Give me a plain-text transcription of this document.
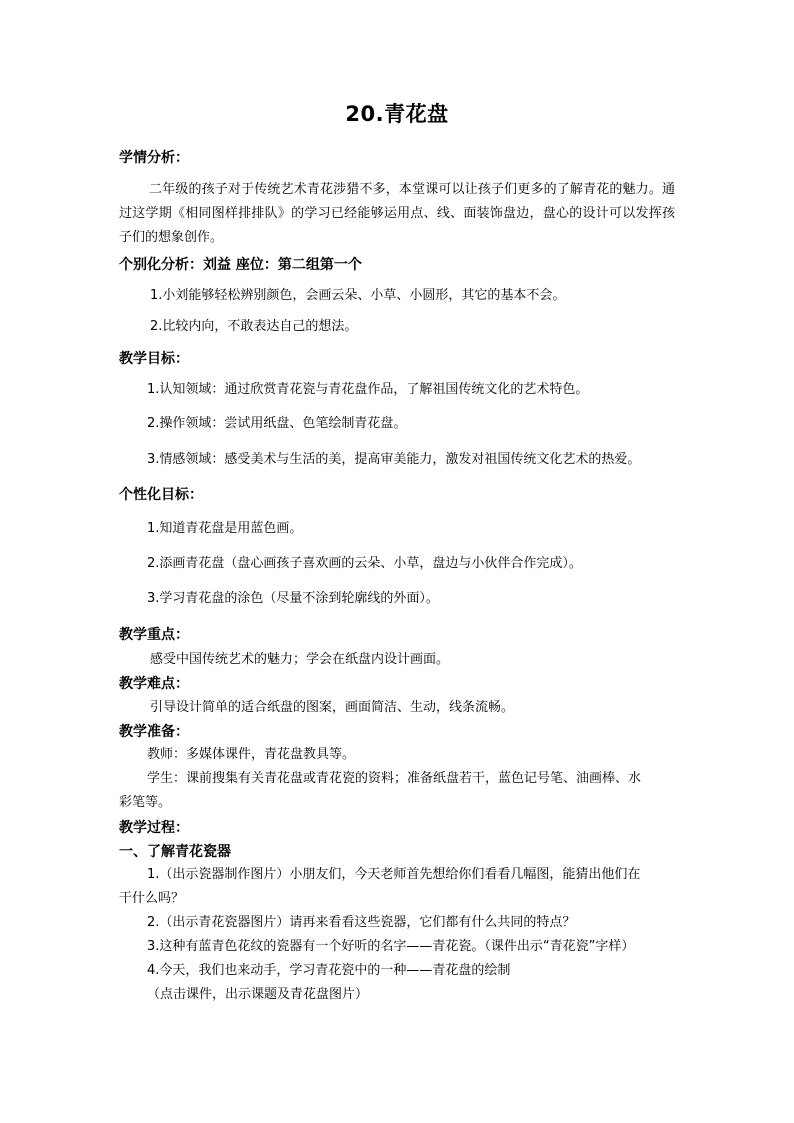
20.青花盘
学情分析：
二年级的孩子对于传统艺术青花涉猎不多，本堂课可以让孩子们更多的了解青花的魅力。通过这学期《相同图样排排队》的学习已经能够运用点、线、面装饰盘边，盘心的设计可以发挥孩子们的想象创作。
个别化分析：刘益 座位：第二组第一个
1.小刘能够轻松辨别颜色，会画云朵、小草、小圆形，其它的基本不会。
2.比较内向，不敢表达自己的想法。
教学目标：
1.认知领域：通过欣赏青花瓷与青花盘作品，了解祖国传统文化的艺术特色。
2.操作领域：尝试用纸盘、色笔绘制青花盘。
3.情感领域：感受美术与生活的美，提高审美能力，激发对祖国传统文化艺术的热爱。
个性化目标：
1.知道青花盘是用蓝色画。
2.添画青花盘（盘心画孩子喜欢画的云朵、小草，盘边与小伙伴合作完成）。
3.学习青花盘的涂色（尽量不涂到轮廓线的外面）。
教学重点：
感受中国传统艺术的魅力；学会在纸盘内设计画面。
教学难点：
引导设计简单的适合纸盘的图案，画面简洁、生动，线条流畅。
教学准备：
教师：多媒体课件，青花盘教具等。
学生：课前搜集有关青花盘或青花瓷的资料；准备纸盘若干，蓝色记号笔、油画棒、水
彩笔等。
教学过程：
一、了解青花瓷器
1.（出示瓷器制作图片）小朋友们，今天老师首先想给你们看看几幅图，能猜出他们在
干什么吗？
2.（出示青花瓷器图片）请再来看看这些瓷器，它们都有什么共同的特点？
3.这种有蓝青色花纹的瓷器有一个好听的名字——青花瓷。（课件出示“青花瓷”字样）
4.今天，我们也来动手，学习青花瓷中的一种——青花盘的绘制
（点击课件，出示课题及青花盘图片）
